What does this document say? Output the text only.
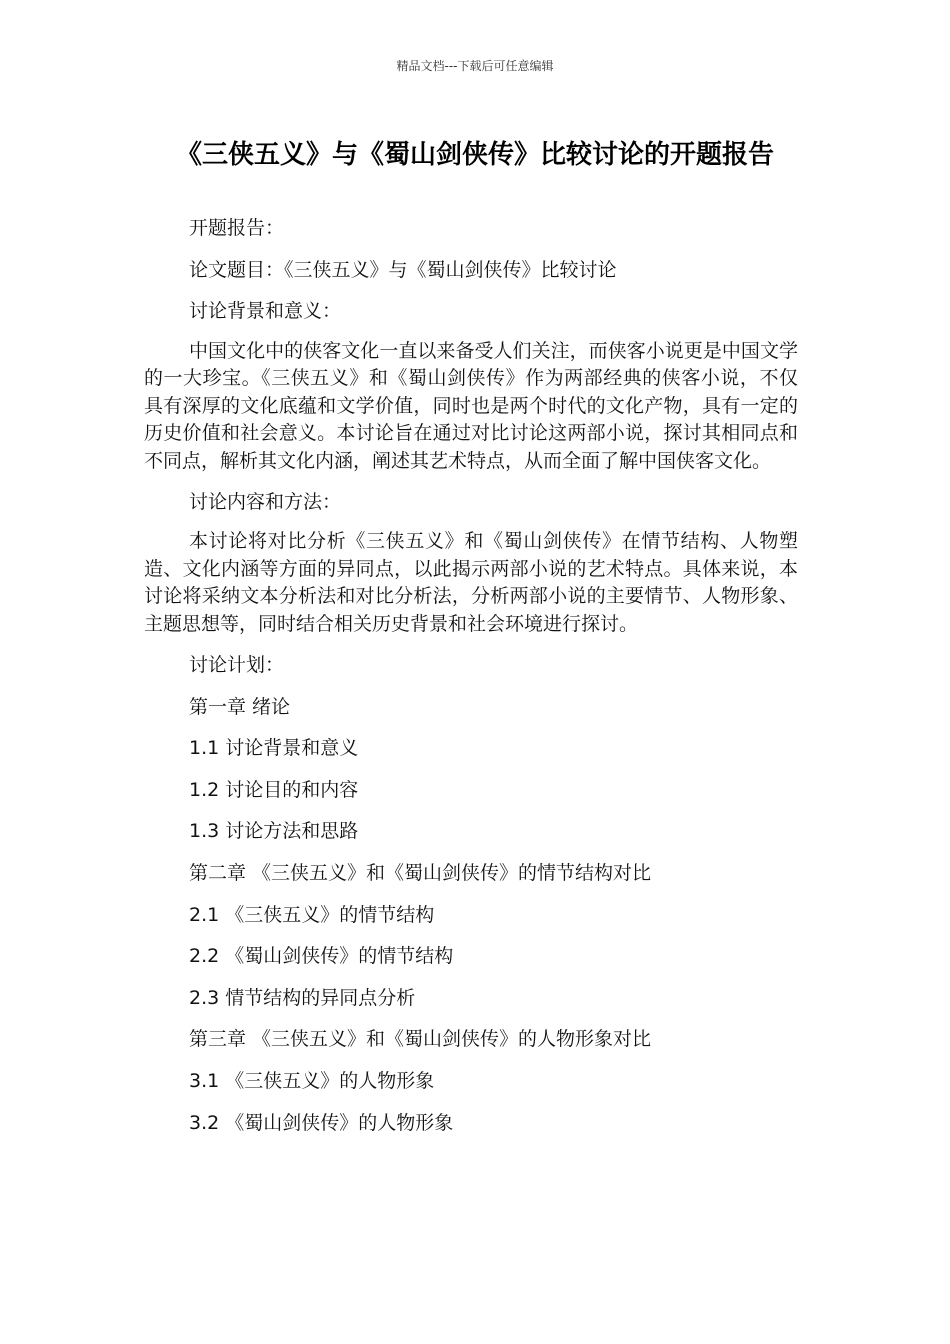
精品文档---下载后可任意编辑
《三侠五义》与《蜀山剑侠传》比较讨论的开题报告

开题报告：

论文题目：《三侠五义》与《蜀山剑侠传》比较讨论

讨论背景和意义：

中国文化中的侠客文化一直以来备受人们关注，而侠客小说更是中国文学的一大珍宝。《三侠五义》和《蜀山剑侠传》作为两部经典的侠客小说，不仅具有深厚的文化底蕴和文学价值，同时也是两个时代的文化产物，具有一定的历史价值和社会意义。本讨论旨在通过对比讨论这两部小说，探讨其相同点和不同点，解析其文化内涵，阐述其艺术特点，从而全面了解中国侠客文化。

讨论内容和方法：

本讨论将对比分析《三侠五义》和《蜀山剑侠传》在情节结构、人物塑造、文化内涵等方面的异同点，以此揭示两部小说的艺术特点。具体来说，本讨论将采纳文本分析法和对比分析法，分析两部小说的主要情节、人物形象、主题思想等，同时结合相关历史背景和社会环境进行探讨。

讨论计划：

第一章 绪论

1.1 讨论背景和意义

1.2 讨论目的和内容

1.3 讨论方法和思路

第二章 《三侠五义》和《蜀山剑侠传》的情节结构对比

2.1 《三侠五义》的情节结构

2.2 《蜀山剑侠传》的情节结构

2.3 情节结构的异同点分析

第三章 《三侠五义》和《蜀山剑侠传》的人物形象对比

3.1 《三侠五义》的人物形象

3.2 《蜀山剑侠传》的人物形象
